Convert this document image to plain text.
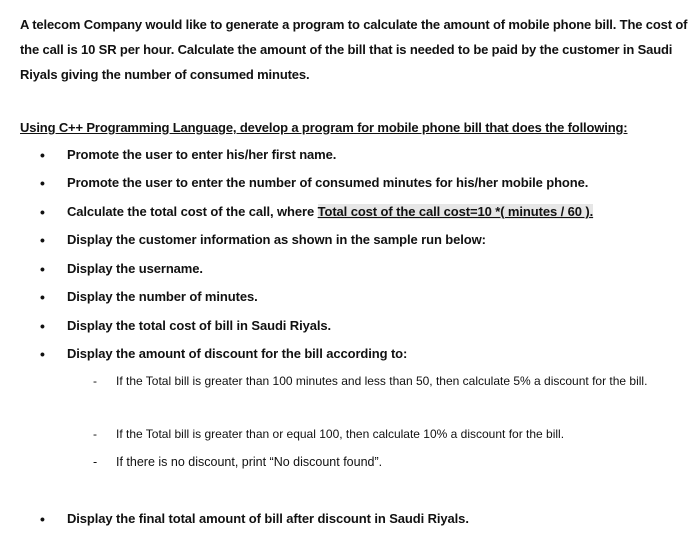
A telecom Company would like to generate a program to calculate the amount of mobile phone bill. The cost of the call is 10 SR per hour. Calculate the amount of the bill that is needed to be paid by the customer in Saudi Riyals giving the number of consumed minutes.
Using C++ Programming Language, develop a program for mobile phone bill that does the following:
• Promote the user to enter his/her first name.
• Promote the user to enter the number of consumed minutes for his/her mobile phone.
• Calculate the total cost of the call, where Total cost of the call cost=10 *( minutes / 60 ).
• Display the customer information as shown in the sample run below:
• Display the username.
• Display the number of minutes.
• Display the total cost of bill in Saudi Riyals.
• Display the amount of discount for the bill according to:
- If the Total bill is greater than 100 minutes and less than 50, then calculate 5% a discount for the bill.
- If the Total bill is greater than or equal 100, then calculate 10% a discount for the bill.
- If there is no discount, print “No discount found”.
• Display the final total amount of bill after discount in Saudi Riyals.
